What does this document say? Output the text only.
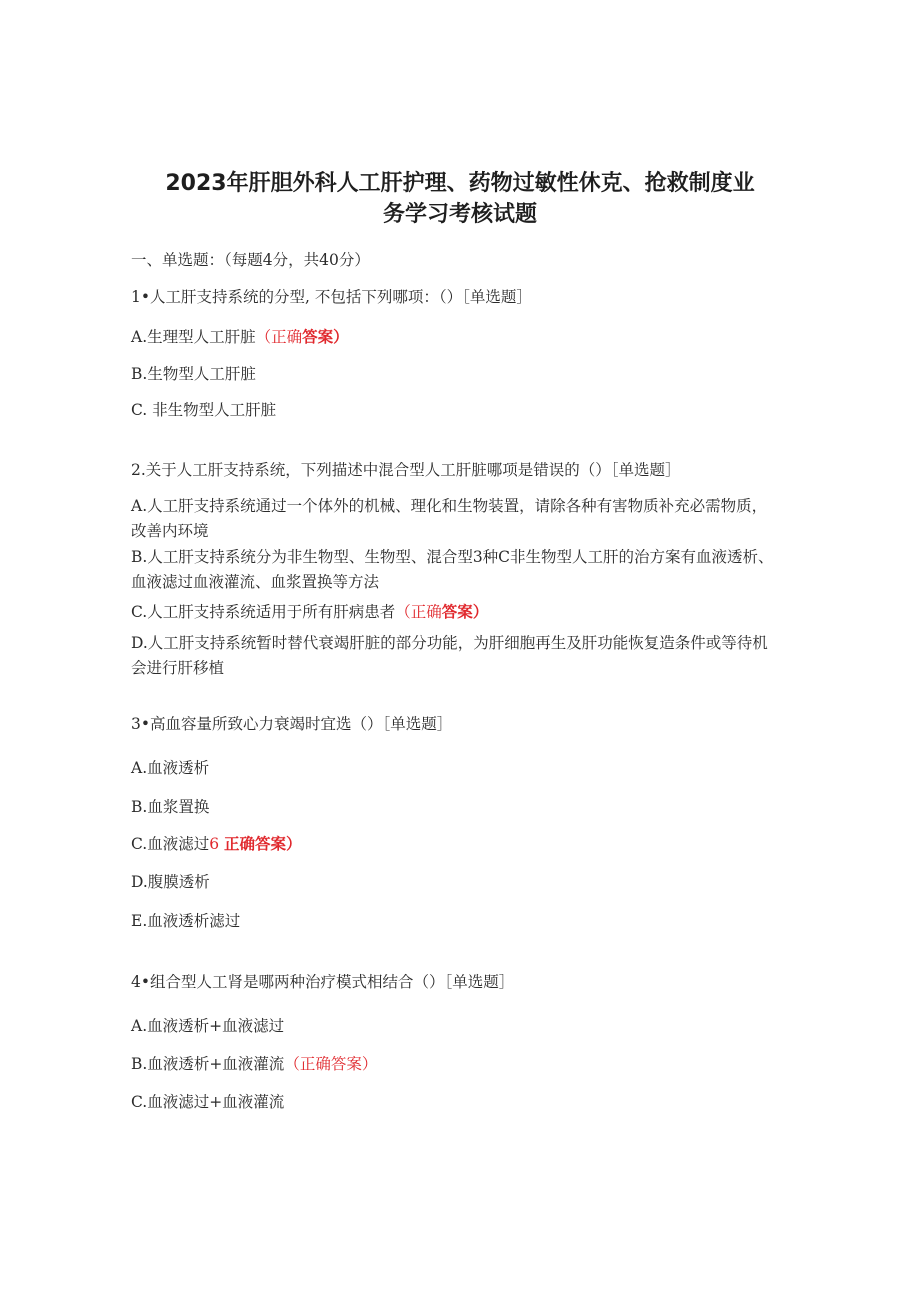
2023年肝胆外科人工肝护理、药物过敏性休克、抢救制度业
务学习考核试题
一、单选题：（每题4分，共40分）
1•人工肝支持系统的分型, 不包括下列哪项：（）［单选题］
A.生理型人工肝脏（正确答案）
B.生物型人工肝脏
C. 非生物型人工肝脏
2.关于人工肝支持系统，下列描述中混合型人工肝脏哪项是错误的（）［单选题］
A.人工肝支持系统通过一个体外的机械、理化和生物装置，请除各种有害物质补充必需物质，改善内环境
B.人工肝支持系统分为非生物型、生物型、混合型3种C非生物型人工肝的治方案有血液透析、血液滤过血液灌流、血浆置换等方法
C.人工肝支持系统适用于所有肝病患者（正确答案）
D.人工肝支持系统暂时替代衰竭肝脏的部分功能，为肝细胞再生及肝功能恢复造条件或等待机会进行肝移植
3•高血容量所致心力衰竭时宜选（）［单选题］
A.血液透析
B.血浆置换
C.血液滤过6 正确答案）
D.腹膜透析
E.血液透析滤过
4•组合型人工肾是哪两种治疗模式相结合（）［单选题］
A.血液透析+血液滤过
B.血液透析+血液灌流（正确答案）
C.血液滤过+血液灌流
